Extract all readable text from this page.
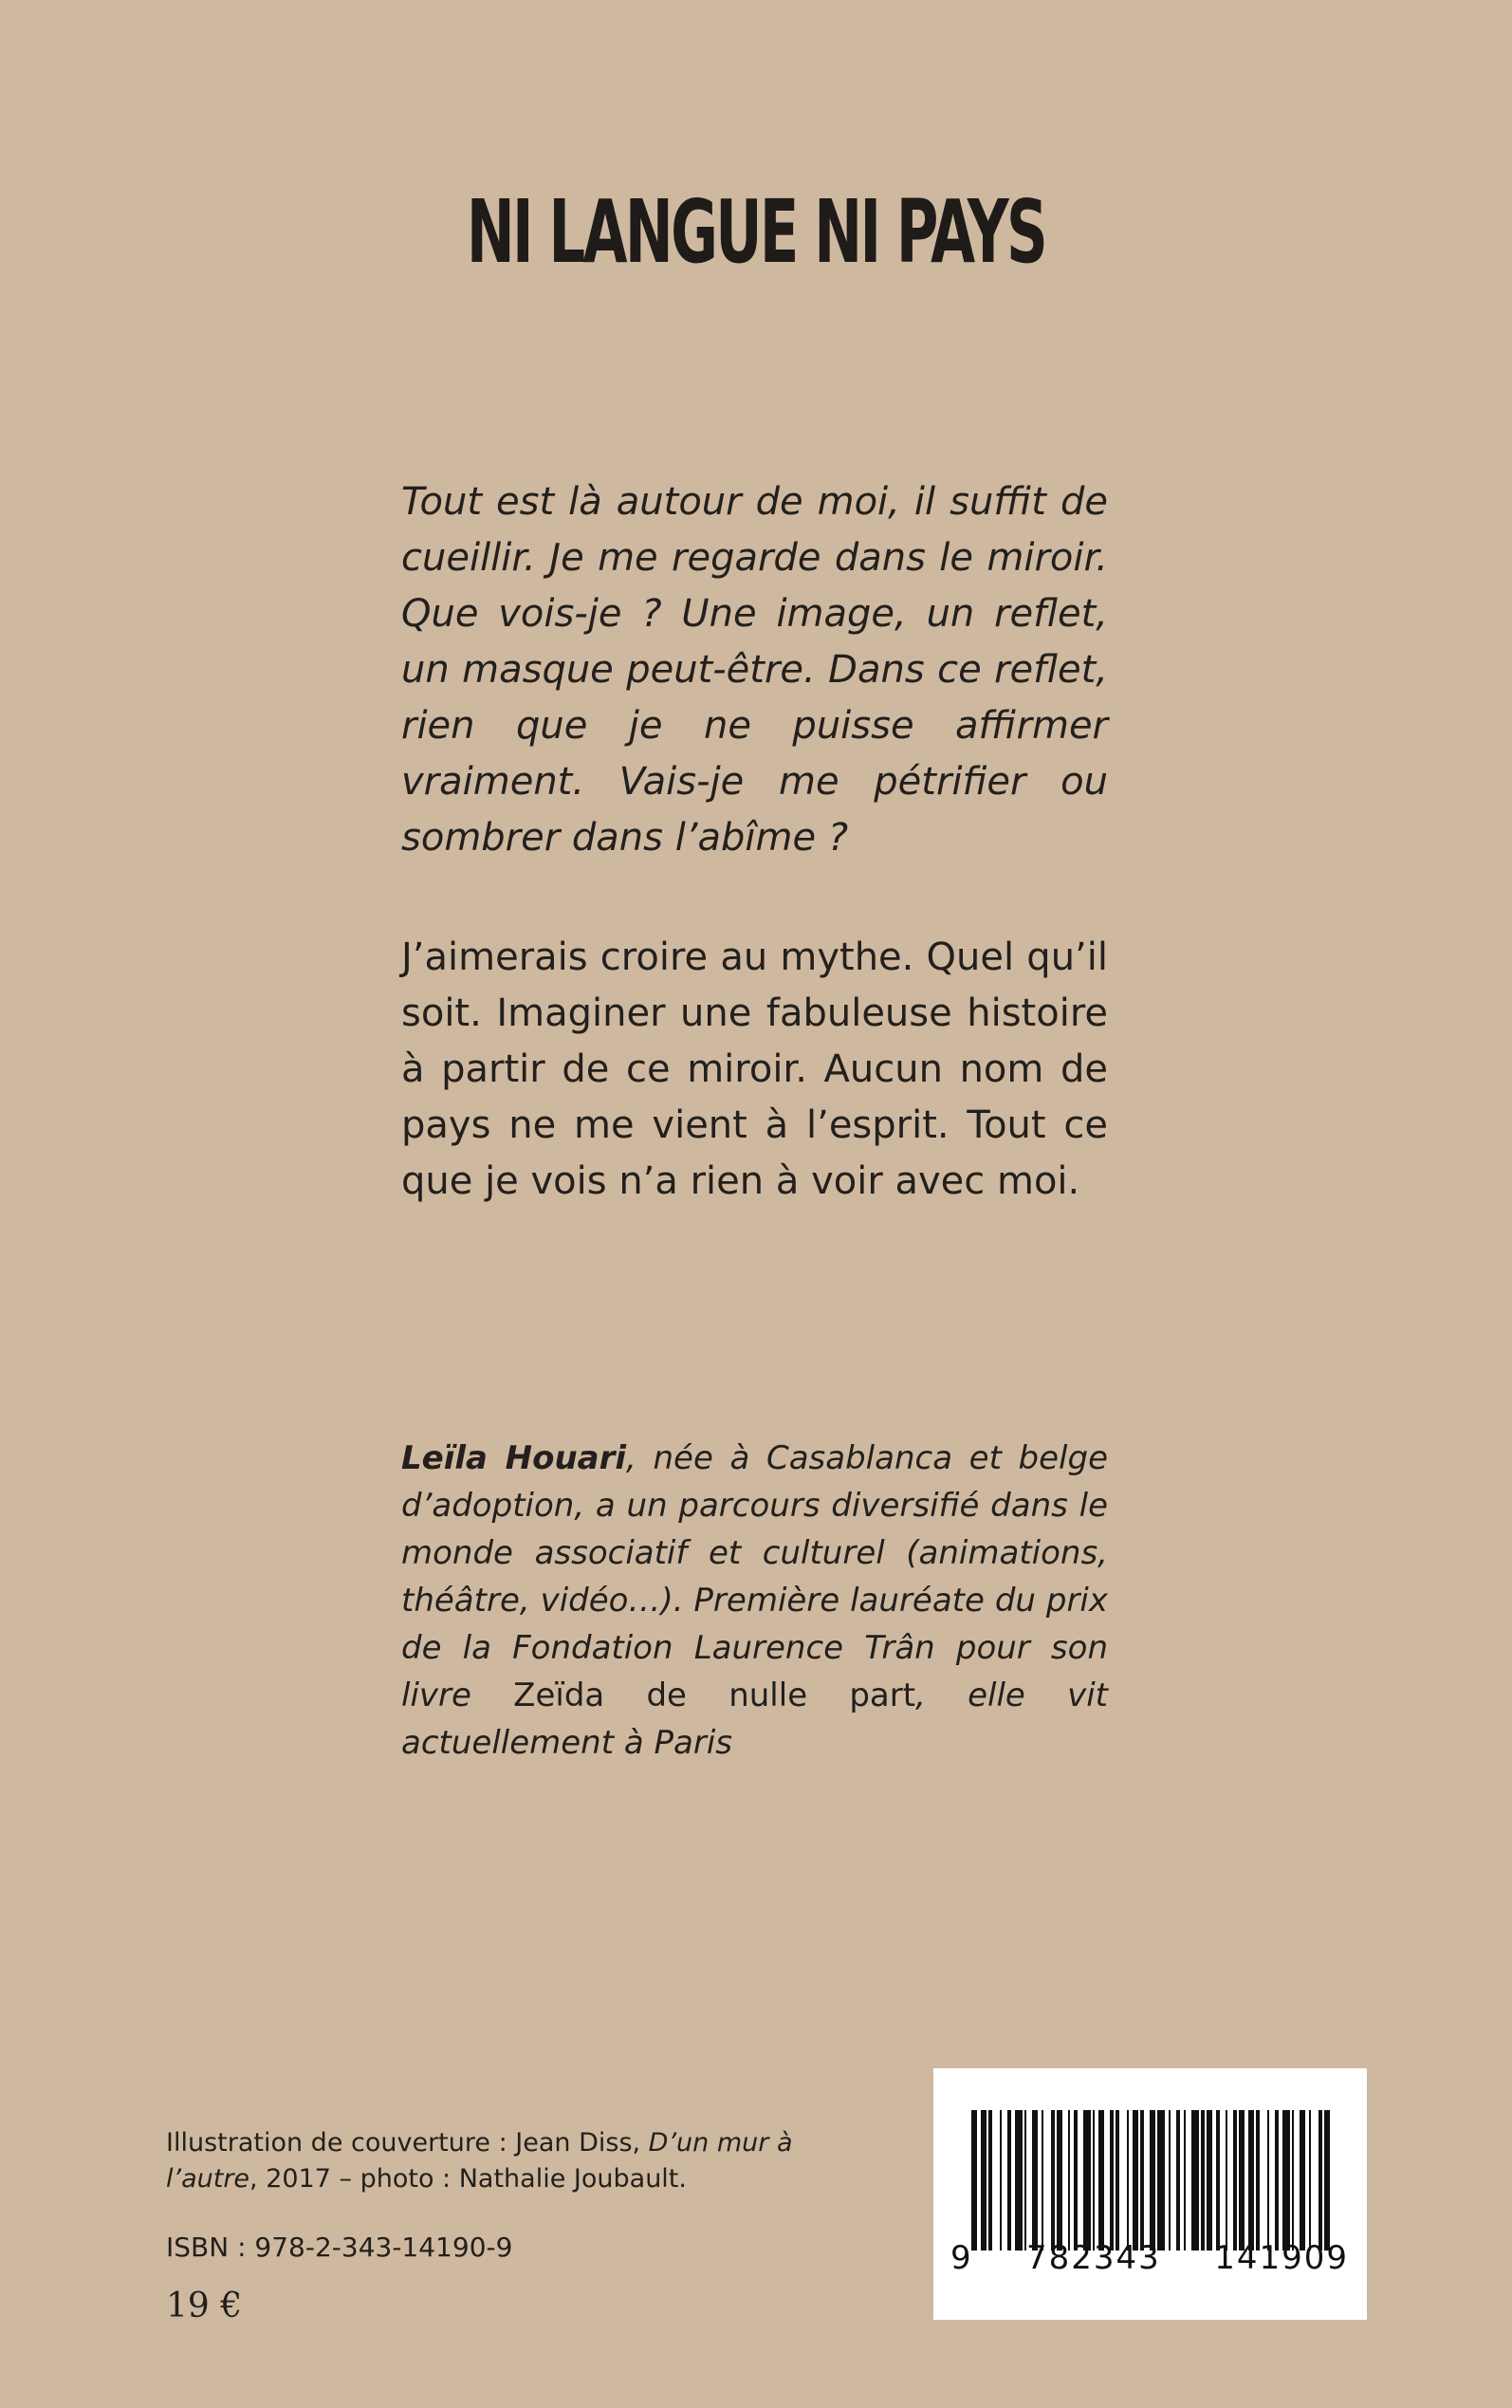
NI LANGUE NI PAYS

Tout est là autour de moi, il suffit de cueillir. Je me regarde dans le miroir. Que vois-je ? Une image, un reflet, un masque peut-être. Dans ce reflet, rien que je ne puisse affirmer vraiment. Vais-je me pétrifier ou sombrer dans l’abîme ?

J’aimerais croire au mythe. Quel qu’il soit. Imaginer une fabuleuse histoire à partir de ce miroir. Aucun nom de pays ne me vient à l’esprit. Tout ce que je vois n’a rien à voir avec moi.

Leïla Houari, née à Casablanca et belge d’adoption, a un parcours diversifié dans le monde associatif et culturel (animations, théâtre, vidéo…). Première lauréate du prix de la Fondation Laurence Trân pour son livre Zeïda de nulle part, elle vit actuellement à Paris

Illustration de couverture : Jean Diss, D’un mur à l’autre, 2017 – photo : Nathalie Joubault.

ISBN : 978-2-343-14190-9
19 €
9 782343 141909
